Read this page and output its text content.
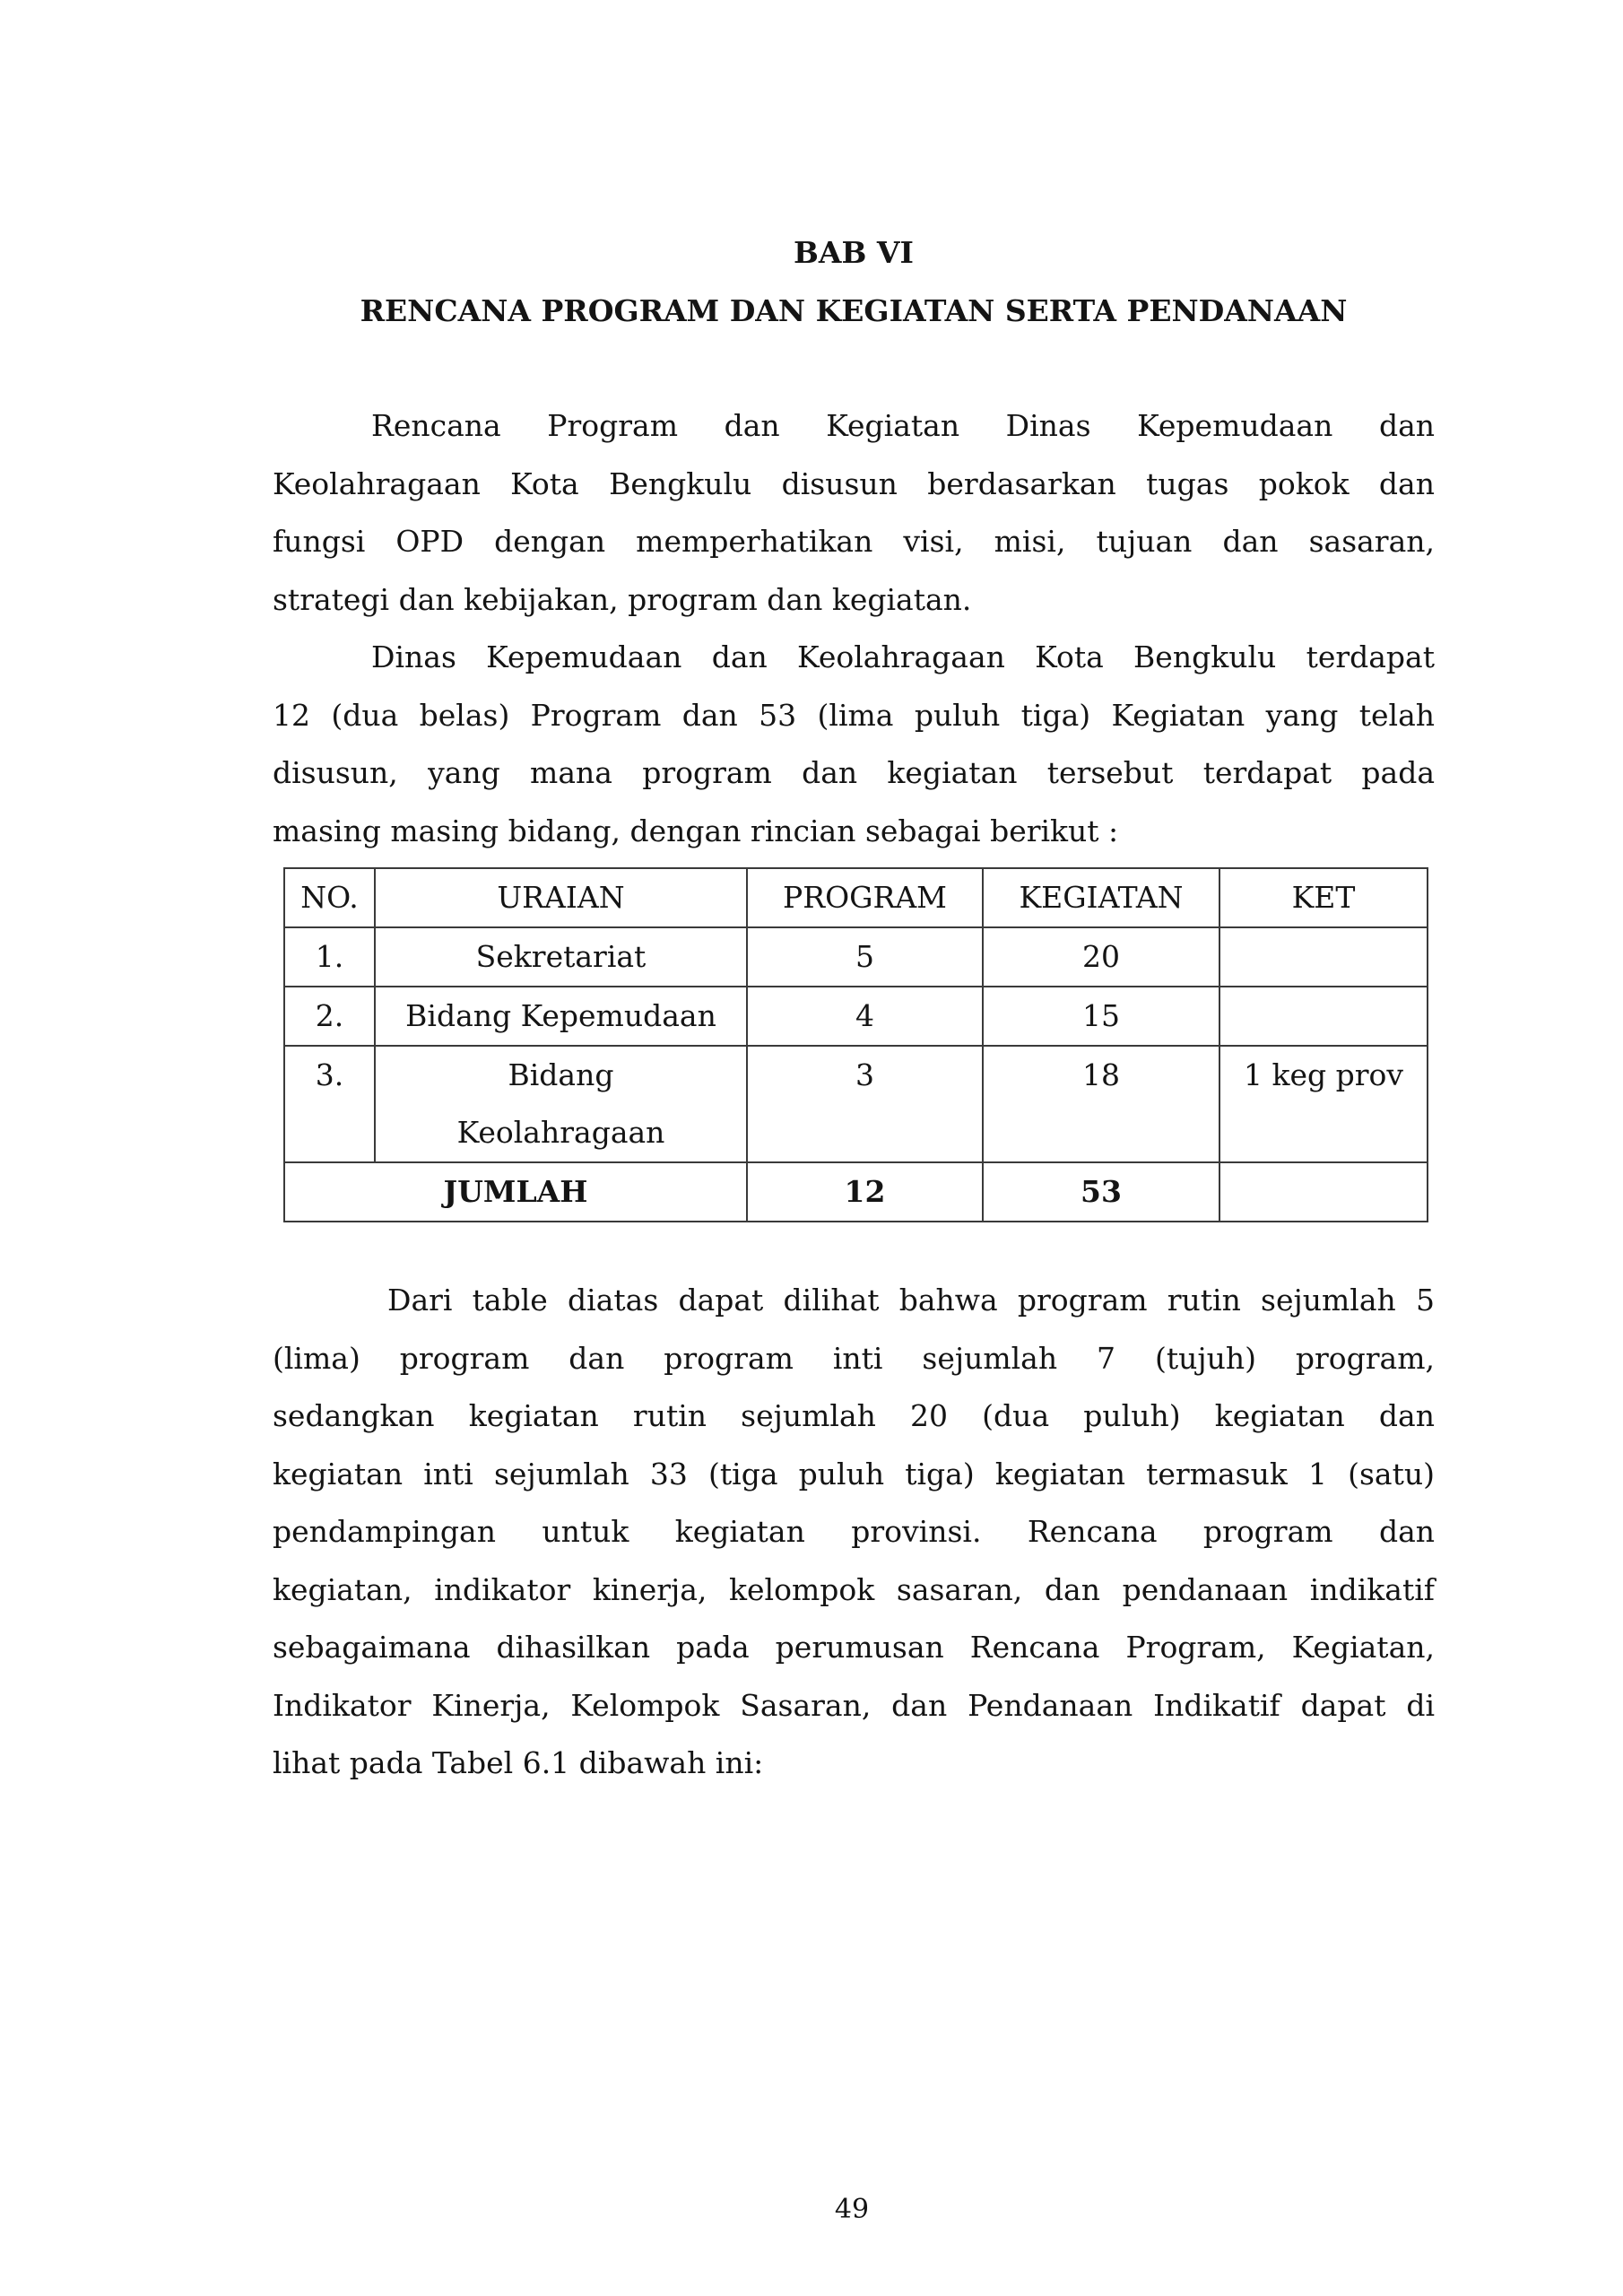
BAB VI
RENCANA PROGRAM DAN KEGIATAN SERTA PENDANAAN
Rencana Program dan Kegiatan Dinas Kepemudaan dan
Keolahragaan Kota Bengkulu disusun berdasarkan tugas pokok dan
fungsi OPD dengan memperhatikan visi, misi, tujuan dan sasaran,
strategi dan kebijakan, program dan kegiatan.
Dinas Kepemudaan dan Keolahragaan Kota Bengkulu terdapat
12 (dua belas) Program dan 53 (lima puluh tiga) Kegiatan yang telah
disusun, yang mana program dan kegiatan tersebut terdapat pada
masing masing bidang, dengan rincian sebagai berikut :
NO.	URAIAN	PROGRAM	KEGIATAN	KET
1.	Sekretariat	5	20	
2.	Bidang Kepemudaan	4	15	
3.	Bidang Keolahragaan	3	18	1 keg prov
JUMLAH		12	53	
Dari table diatas dapat dilihat bahwa program rutin sejumlah 5
(lima) program dan program inti sejumlah 7 (tujuh) program,
sedangkan kegiatan rutin sejumlah 20 (dua puluh) kegiatan dan
kegiatan inti sejumlah 33 (tiga puluh tiga) kegiatan termasuk 1 (satu)
pendampingan untuk kegiatan provinsi. Rencana program dan
kegiatan, indikator kinerja, kelompok sasaran, dan pendanaan indikatif
sebagaimana dihasilkan pada perumusan Rencana Program, Kegiatan,
Indikator Kinerja, Kelompok Sasaran, dan Pendanaan Indikatif dapat di
lihat pada Tabel 6.1 dibawah ini:
49
